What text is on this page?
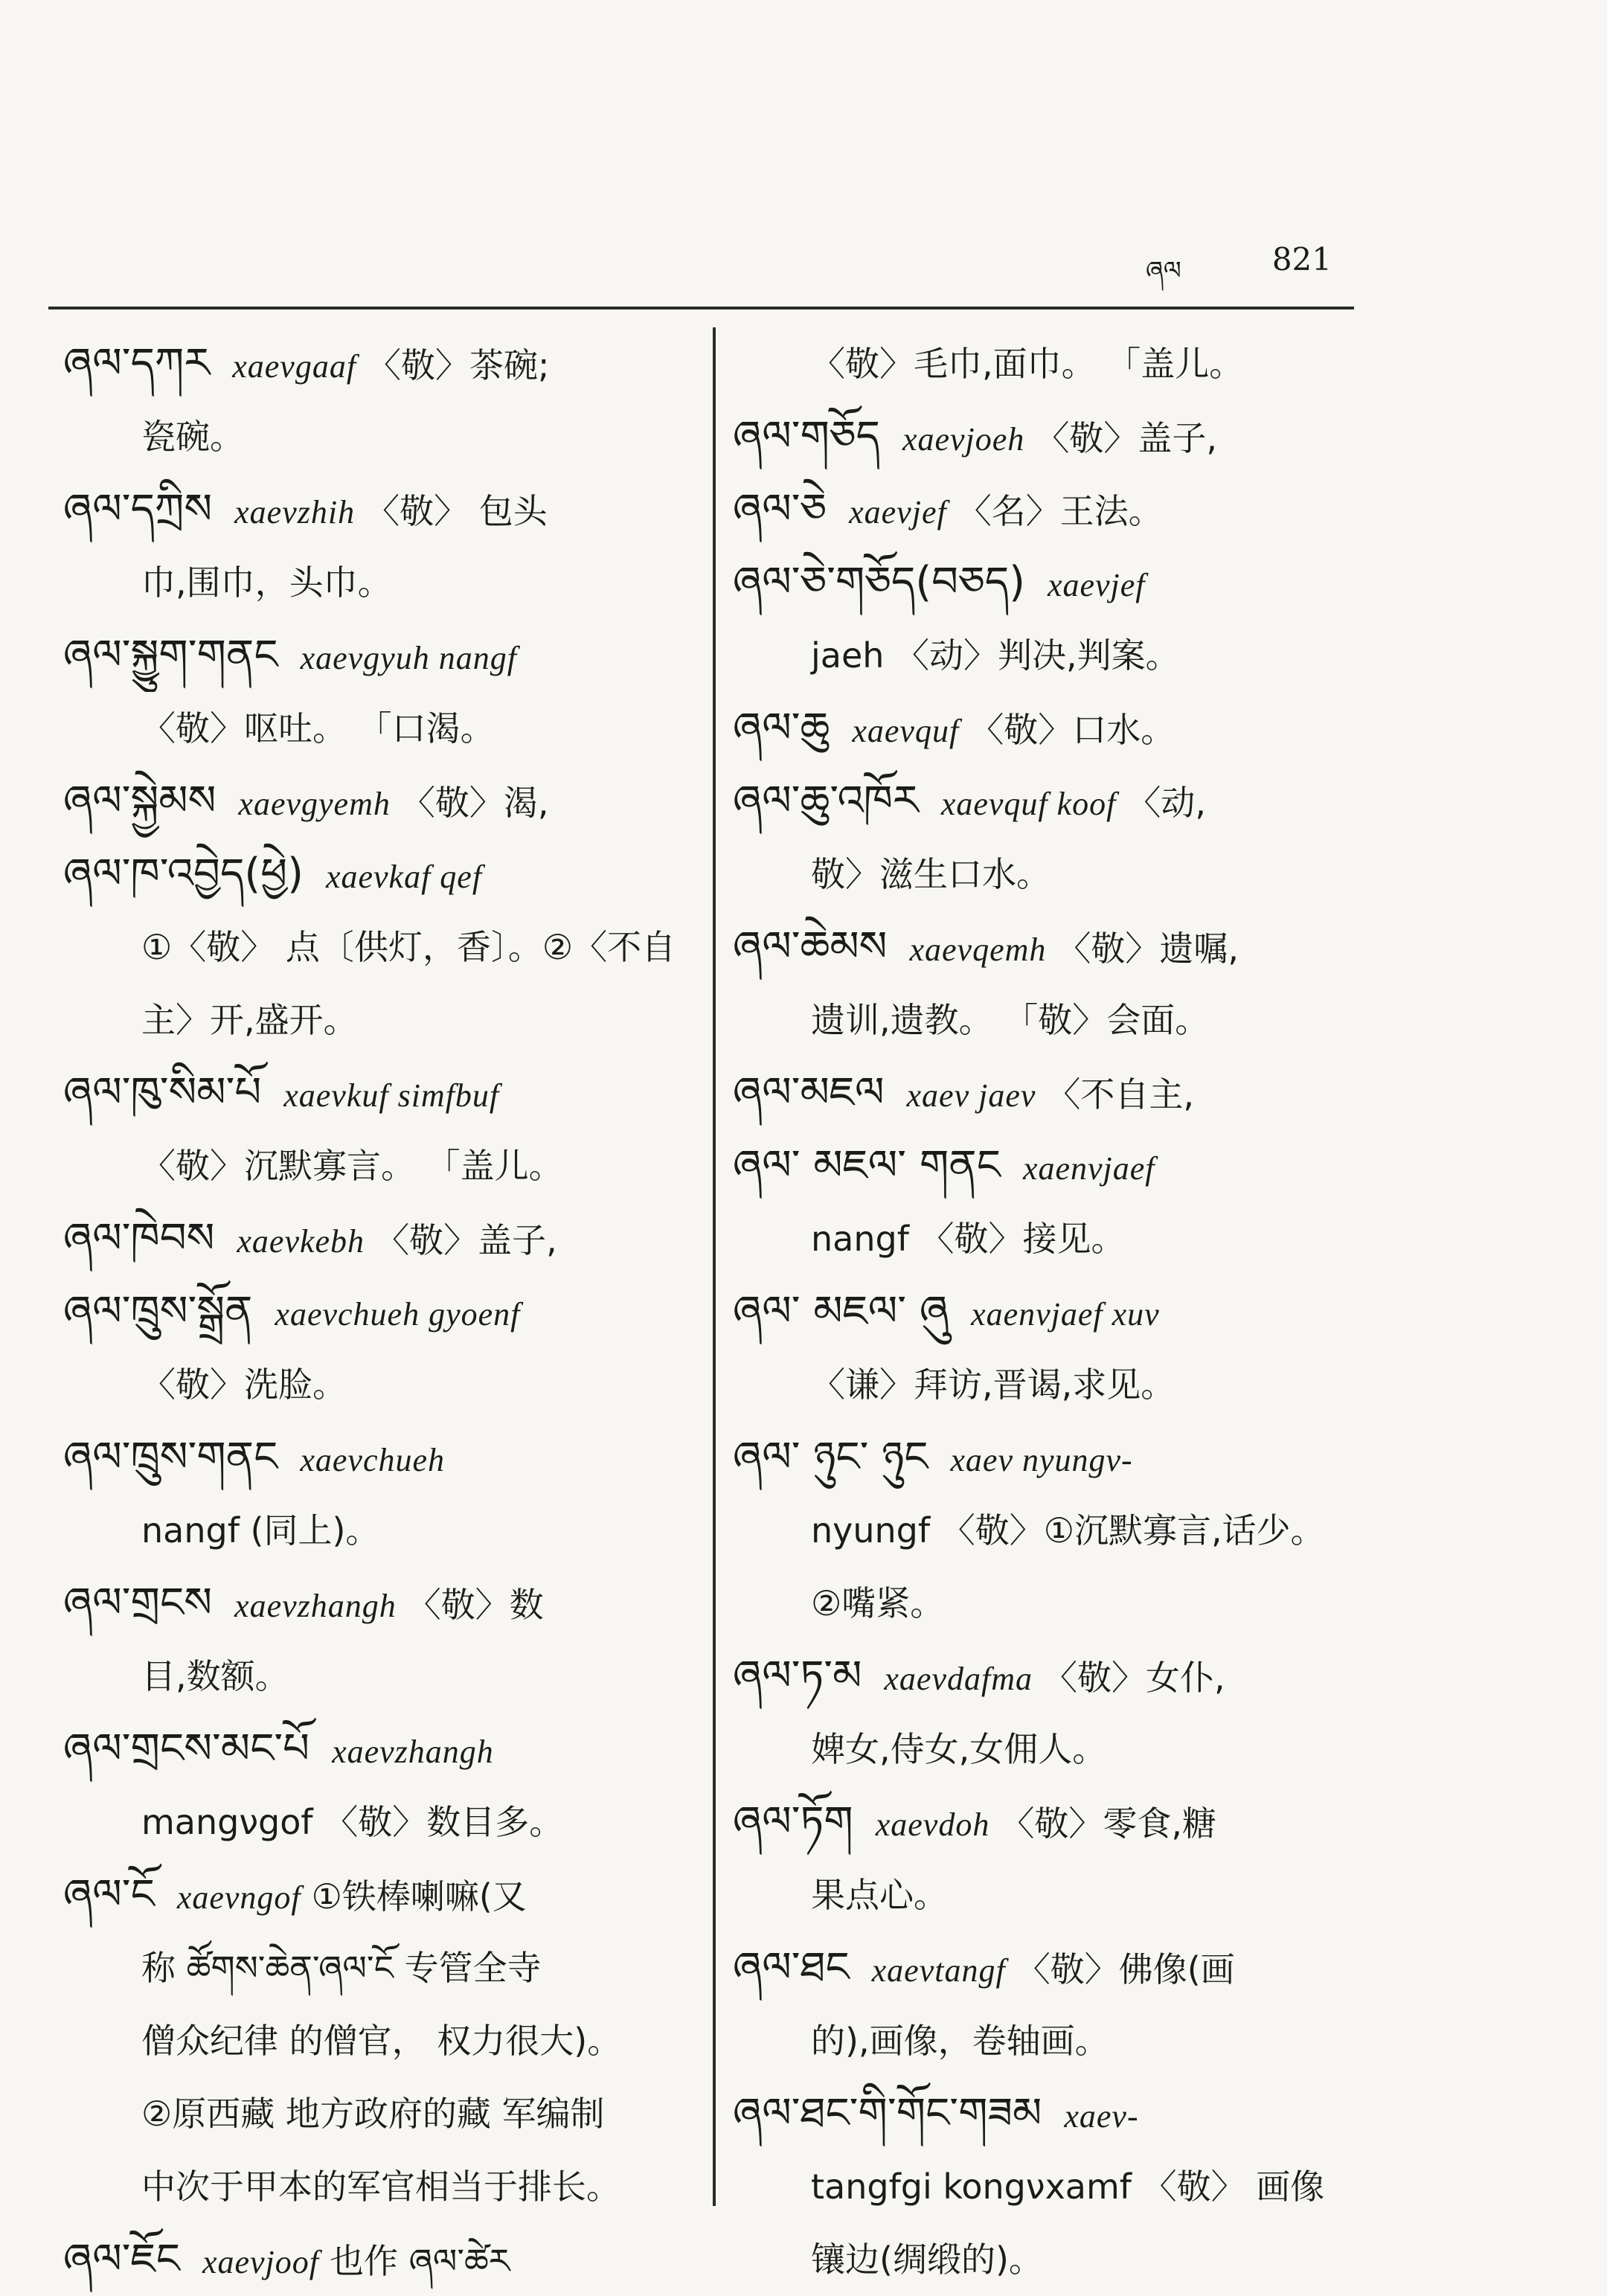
ཞལ	821
ཞལ་དཀར xaeνgaaf 〈敬〉茶碗;
瓷碗。
ཞལ་དཀྲིས xaeνzhih 〈敬〉 包头
巾,围巾，头巾。
ཞལ་སྐྱུག་གནང xaeνgyuh nangf
〈敬〉呕吐。 「口渴。
ཞལ་སྐྱེམས xaeνgyemh 〈敬〉渴,
ཞལ་ཁ་འབྱེད(ཕྱེ) xaeνkaf qef
①〈敬〉 点〔供灯，香〕。②〈不自
主〉开,盛开。
ཞལ་ཁུ་སིམ་པོ xaeνkuf simfbuf
〈敬〉沉默寡言。 「盖儿。
ཞལ་ཁེབས xaeνkebh 〈敬〉盖子,
ཞལ་ཁྲུས་སྒྲོན xaeνchueh gyoenf
〈敬〉洗脸。
ཞལ་ཁྲུས་གནང xaeνchueh
nangf (同上)。
ཞལ་གྲངས xaeνzhangh 〈敬〉数
目,数额。
ཞལ་གྲངས་མང་པོ xaeνzhangh
mangνgof 〈敬〉数目多。
ཞལ་ངོ xaeνngof ①铁棒喇嘛(又
称 ཚོགས་ཆེན་ཞལ་ངོ 专管全寺
僧众纪律 的僧官， 权力很大)。
②原西藏 地方政府的藏 军编制
中次于甲本的军官相当于排长。
ཞལ་ཇོང xaeνjoof 也作 ཞལ་ཚེར
〈敬〉毛巾,面巾。 「盖儿。
ཞལ་གཅོད xaeνjoeh 〈敬〉盖子,
ཞལ་ཅེ xaeνjef 〈名〉王法。
ཞལ་ཅེ་གཅོད(བཅད) xaeνjef
jaeh 〈动〉判决,判案。
ཞལ་ཆུ xaeνquf 〈敬〉口水。
ཞལ་ཆུ་འཁོར xaeνquf koof 〈动,
敬〉滋生口水。
ཞལ་ཆེམས xaeνqemh 〈敬〉遗嘱,
遗训,遗教。 「敬〉会面。
ཞལ་མཇལ xaeν jaeν 〈不自主,
ཞལ་ མཇལ་ གནང xaenνjaef
nangf 〈敬〉接见。
ཞལ་ མཇལ་ ཞུ xaenνjaef xuν
〈谦〉拜访,晋谒,求见。
ཞལ་ ཉུང་ ཉུང xaeν nyungν-
nyungf 〈敬〉①沉默寡言,话少。
②嘴紧。
ཞལ་ཏ་མ xaeνdafma 〈敬〉女仆,
婢女,侍女,女佣人。
ཞལ་ཏོག xaeνdoh 〈敬〉零食,糖
果点心。
ཞལ་ཐང xaeνtangf 〈敬〉佛像(画
的),画像，卷轴画。
ཞལ་ཐང་གི་གོང་གཟམ xaeν-
tangfgi kongνxamf 〈敬〉 画像
镶边(绸缎的)。
